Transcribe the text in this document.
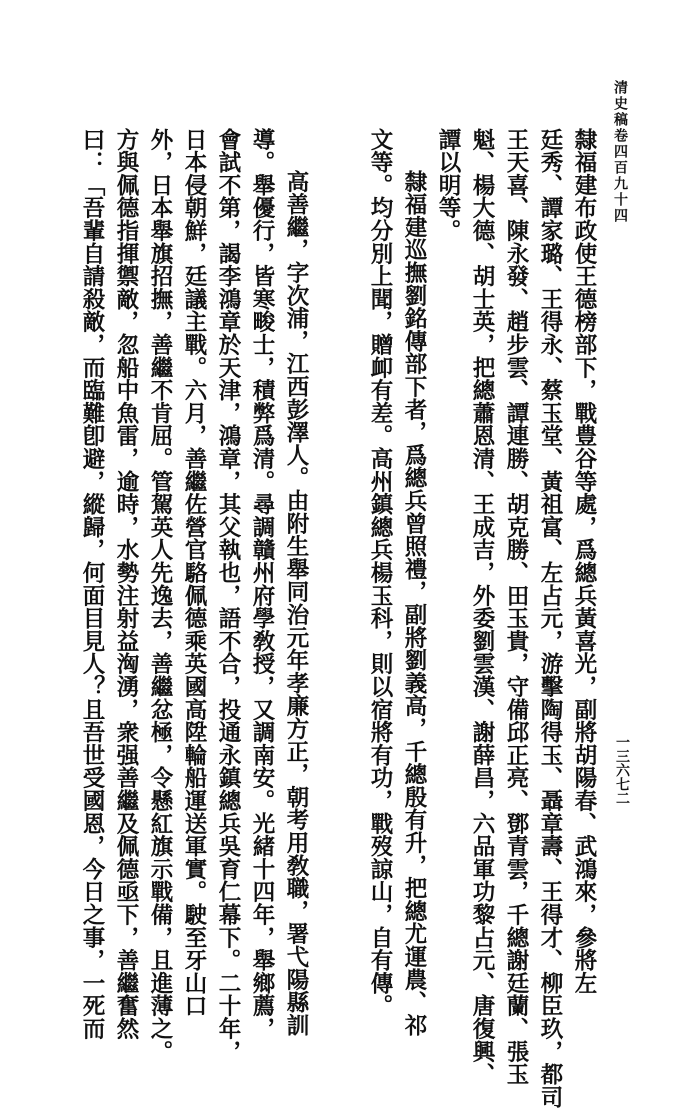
清史稿卷四百九十四
一三六七二
隸福建布政使王德榜部下，戰豊谷等處，爲總兵黃喜光，副將胡陽春、武鴻來，參將左
廷秀、譚家璐、王得永、蔡玉堂、黃祖富、左占元，游擊陶得玉、聶章壽、王得才、柳臣玖，都司
王天喜、陳永發、趙步雲、譚連勝、胡克勝、田玉貴，守備邱正亮、鄧青雲，千總謝廷蘭、張玉
魁、楊大德、胡士英，把總蕭恩清、王成吉，外委劉雲漢、謝薛昌，六品軍功黎占元、唐復興、
譚以明等。
隸福建巡撫劉銘傳部下者，爲總兵曾照禮，副將劉義高，千總殷有升，把總尤運農、祁
文等。均分別上聞，贈卹有差。高州鎮總兵楊玉科，則以宿將有功，戰歿諒山，自有傳。
高善繼，字次浦，江西彭澤人。由附生舉同治元年孝廉方正，朝考用敎職，署弋陽縣訓
導。舉優行，皆寒畯士，積弊爲清。尋調贛州府學敎授，又調南安。光緒十四年，舉鄉薦，
會試不第，謁李鴻章於天津，鴻章，其父執也，語不合，投通永鎮總兵吳育仁幕下。二十年，
日本侵朝鮮，廷議主戰。六月，善繼佐營官駱佩德乘英國高陞輪船運送軍實。駛至牙山口
外，日本舉旗招撫，善繼不肯屈。管駕英人先逸去，善繼忿極，令懸紅旗示戰備，且進薄之。
方與佩德指揮禦敵，忽船中魚雷，逾時，水勢注射益洶湧，衆强善繼及佩德亟下，善繼奮然
曰：「吾輩自請殺敵，而臨難卽避，縱歸，何面目見人？且吾世受國恩，今日之事，一死而
